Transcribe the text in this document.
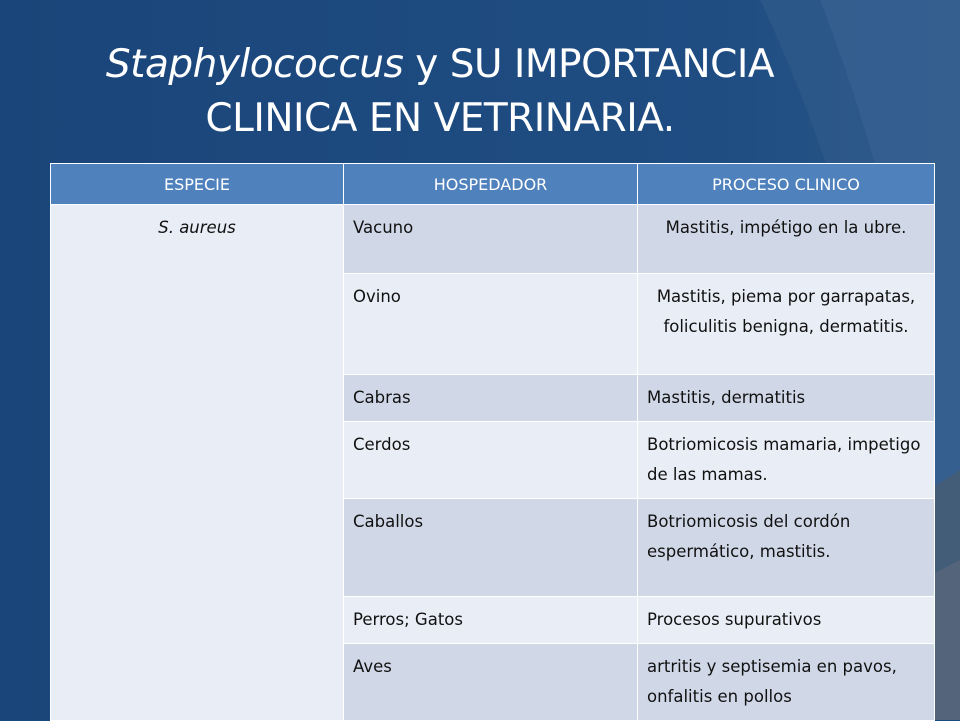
Staphylococcus y SU IMPORTANCIA
CLINICA EN VETRINARIA.
ESPECIE	HOSPEDADOR	PROCESO CLINICO
S. aureus	Vacuno	Mastitis, impétigo en la ubre.
	Ovino	Mastitis, piema por garrapatas, foliculitis benigna, dermatitis.
	Cabras	Mastitis, dermatitis
	Cerdos	Botriomicosis mamaria, impetigo de las mamas.
	Caballos	Botriomicosis del cordón espermático, mastitis.
	Perros; Gatos	Procesos supurativos
	Aves	artritis y septisemia en pavos, onfalitis en pollos
